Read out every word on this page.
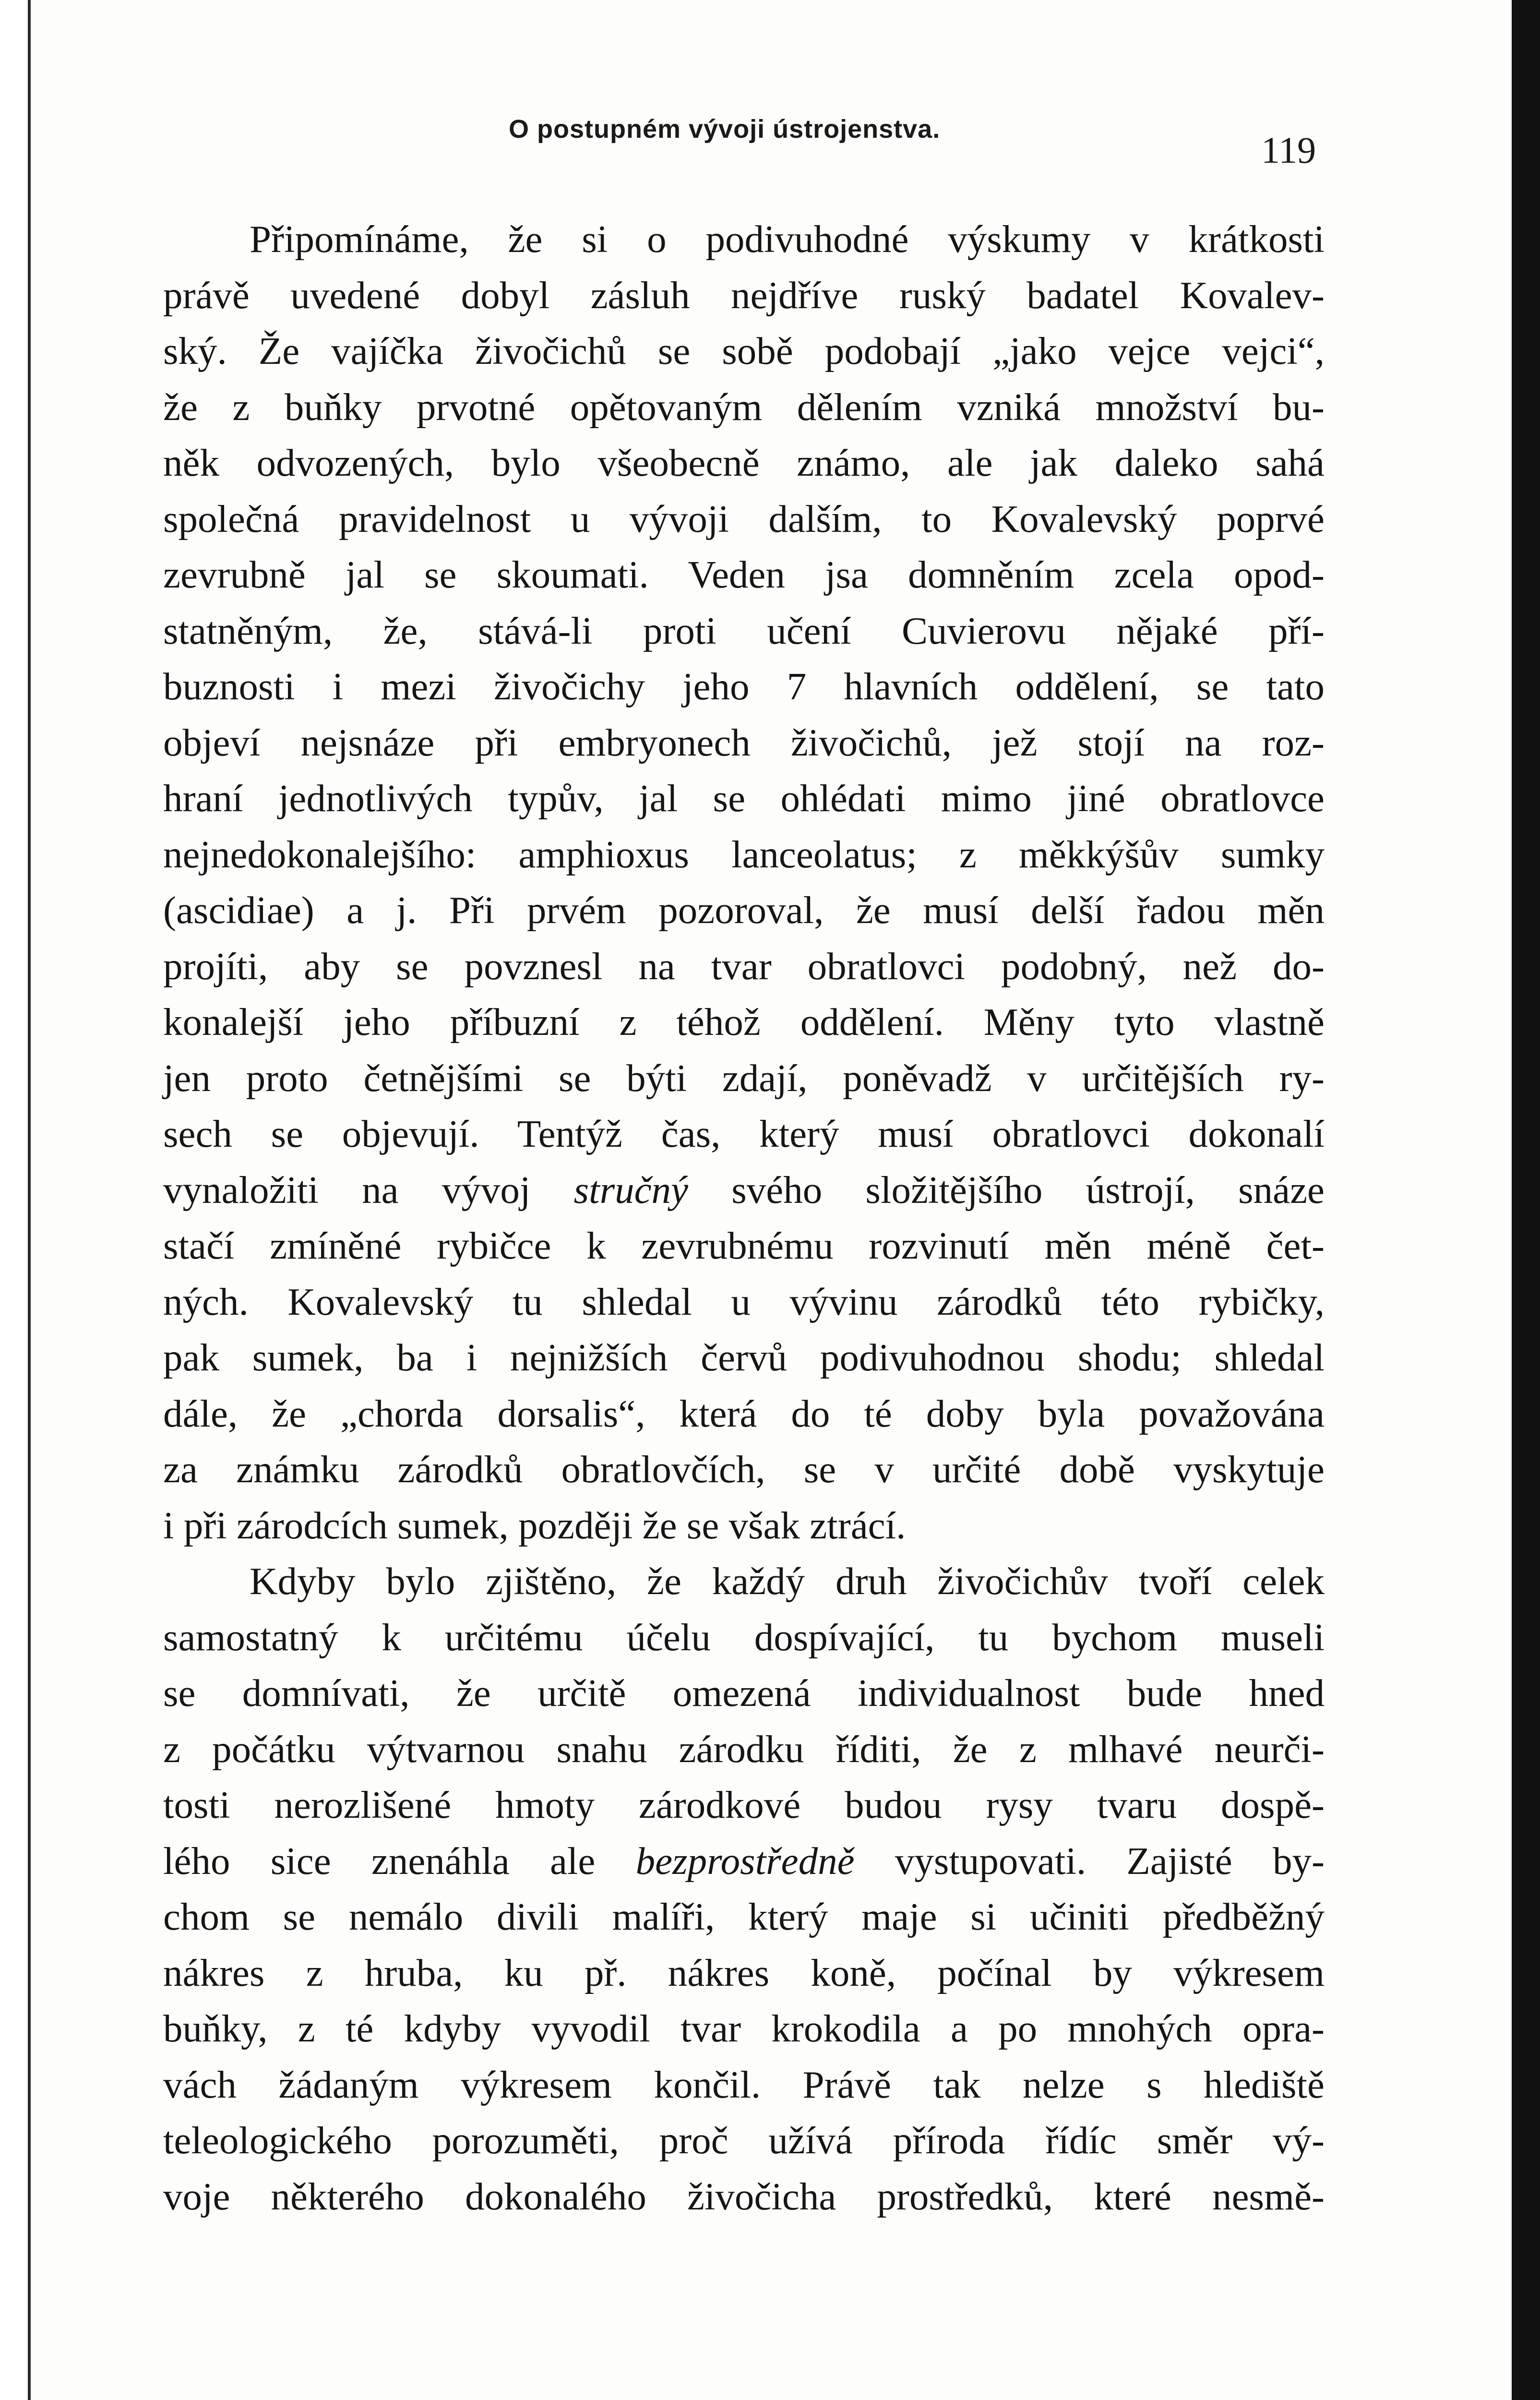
O postupném vývoji ústrojenstva.	119
Připomínáme, že si o podivuhodné výskumy v krátkosti
právě uvedené dobyl zásluh nejdříve ruský badatel Kovalev-
ský. Že vajíčka živočichů se sobě podobají „jako vejce vejci“,
že z buňky prvotné opětovaným dělením vzniká množství bu-
něk odvozených, bylo všeobecně známo, ale jak daleko sahá
společná pravidelnost u vývoji dalším, to Kovalevský poprvé
zevrubně jal se skoumati. Veden jsa domněním zcela opod-
statněným, že, stává-li proti učení Cuvierovu nějaké pří-
buznosti i mezi živočichy jeho 7 hlavních oddělení, se tato
objeví nejsnáze při embryonech živočichů, jež stojí na roz-
hraní jednotlivých typův, jal se ohlédati mimo jiné obratlovce
nejnedokonalejšího: amphioxus lanceolatus; z měkkýšův sumky
(ascidiae) a j. Při prvém pozoroval, že musí delší řadou měn
projíti, aby se povznesl na tvar obratlovci podobný, než do-
konalejší jeho příbuzní z téhož oddělení. Měny tyto vlastně
jen proto četnějšími se býti zdají, poněvadž v určitějších ry-
sech se objevují. Tentýž čas, který musí obratlovci dokonalí
vynaložiti na vývoj stručný svého složitějšího ústrojí, snáze
stačí zmíněné rybičce k zevrubnému rozvinutí měn méně čet-
ných. Kovalevský tu shledal u vývinu zárodků této rybičky,
pak sumek, ba i nejnižších červů podivuhodnou shodu; shledal
dále, že „chorda dorsalis“, která do té doby byla považována
za známku zárodků obratlovčích, se v určité době vyskytuje
i při zárodcích sumek, později že se však ztrácí.
Kdyby bylo zjištěno, že každý druh živočichův tvoří celek
samostatný k určitému účelu dospívající, tu bychom museli
se domnívati, že určitě omezená individualnost bude hned
z počátku výtvarnou snahu zárodku říditi, že z mlhavé neurči-
tosti nerozlišené hmoty zárodkové budou rysy tvaru dospě-
lého sice znenáhla ale bezprostředně vystupovati. Zajisté by-
chom se nemálo divili malíři, který maje si učiniti předběžný
nákres z hruba, ku př. nákres koně, počínal by výkresem
buňky, z té kdyby vyvodil tvar krokodila a po mnohých opra-
vách žádaným výkresem končil. Právě tak nelze s hlediště
teleologického porozuměti, proč užívá příroda řídíc směr vý-
voje některého dokonalého živočicha prostředků, které nesmě-
